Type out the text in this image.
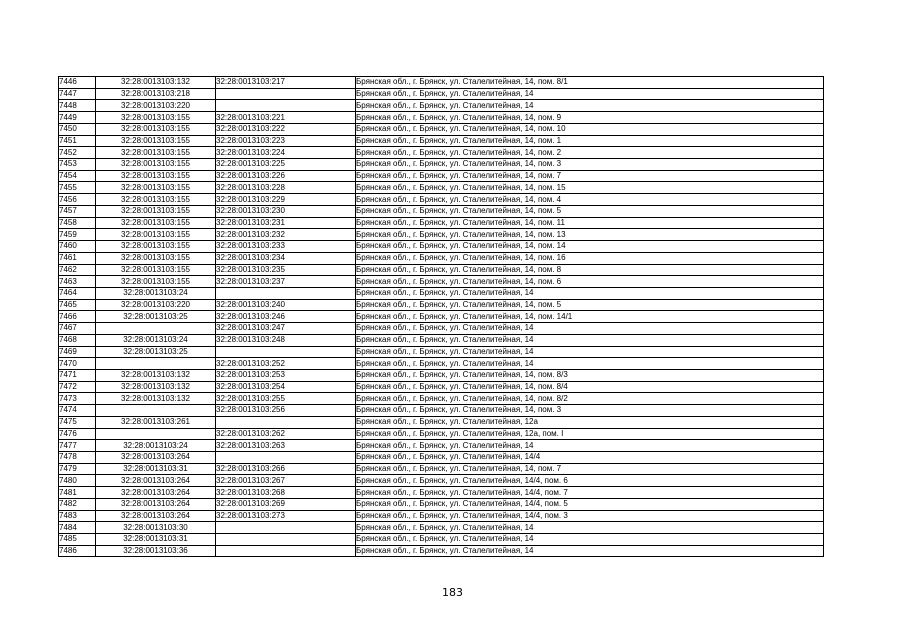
7446	32:28:0013103:132	32:28:0013103:217	Брянская обл., г. Брянск, ул. Сталелитейная, 14, пом. 8/1
7447	32:28:0013103:218		Брянская обл., г. Брянск, ул. Сталелитейная, 14
7448	32:28:0013103:220		Брянская обл., г. Брянск, ул. Сталелитейная, 14
7449	32:28:0013103:155	32:28:0013103:221	Брянская обл., г. Брянск, ул. Сталелитейная, 14, пом. 9
7450	32:28:0013103:155	32:28:0013103:222	Брянская обл., г. Брянск, ул. Сталелитейная, 14, пом. 10
7451	32:28:0013103:155	32:28:0013103:223	Брянская обл., г. Брянск, ул. Сталелитейная, 14, пом. 1
7452	32:28:0013103:155	32:28:0013103:224	Брянская обл., г. Брянск, ул. Сталелитейная, 14, пом. 2
7453	32:28:0013103:155	32:28:0013103:225	Брянская обл., г. Брянск, ул. Сталелитейная, 14, пом. 3
7454	32:28:0013103:155	32:28:0013103:226	Брянская обл., г. Брянск, ул. Сталелитейная, 14, пом. 7
7455	32:28:0013103:155	32:28:0013103:228	Брянская обл., г. Брянск, ул. Сталелитейная, 14, пом. 15
7456	32:28:0013103:155	32:28:0013103:229	Брянская обл., г. Брянск, ул. Сталелитейная, 14, пом. 4
7457	32:28:0013103:155	32:28:0013103:230	Брянская обл., г. Брянск, ул. Сталелитейная, 14, пом. 5
7458	32:28:0013103:155	32:28:0013103:231	Брянская обл., г. Брянск, ул. Сталелитейная, 14, пом. 11
7459	32:28:0013103:155	32:28:0013103:232	Брянская обл., г. Брянск, ул. Сталелитейная, 14, пом. 13
7460	32:28:0013103:155	32:28:0013103:233	Брянская обл., г. Брянск, ул. Сталелитейная, 14, пом. 14
7461	32:28:0013103:155	32:28:0013103:234	Брянская обл., г. Брянск, ул. Сталелитейная, 14, пом. 16
7462	32:28:0013103:155	32:28:0013103:235	Брянская обл., г. Брянск, ул. Сталелитейная, 14, пом. 8
7463	32:28:0013103:155	32:28:0013103:237	Брянская обл., г. Брянск, ул. Сталелитейная, 14, пом. 6
7464	32:28:0013103:24		Брянская обл., г. Брянск, ул. Сталелитейная, 14
7465	32:28:0013103:220	32:28:0013103:240	Брянская обл., г. Брянск, ул. Сталелитейная, 14, пом. 5
7466	32:28:0013103:25	32:28:0013103:246	Брянская обл., г. Брянск, ул. Сталелитейная, 14, пом. 14/1
7467		32:28:0013103:247	Брянская обл., г. Брянск, ул. Сталелитейная, 14
7468	32:28:0013103:24	32:28:0013103:248	Брянская обл., г. Брянск, ул. Сталелитейная, 14
7469	32:28:0013103:25		Брянская обл., г. Брянск, ул. Сталелитейная, 14
7470		32:28:0013103:252	Брянская обл., г. Брянск, ул. Сталелитейная, 14
7471	32:28:0013103:132	32:28:0013103:253	Брянская обл., г. Брянск, ул. Сталелитейная, 14, пом. 8/3
7472	32:28:0013103:132	32:28:0013103:254	Брянская обл., г. Брянск, ул. Сталелитейная, 14, пом. 8/4
7473	32:28:0013103:132	32:28:0013103:255	Брянская обл., г. Брянск, ул. Сталелитейная, 14, пом. 8/2
7474		32:28:0013103:256	Брянская обл., г. Брянск, ул. Сталелитейная, 14, пом. 3
7475	32:28:0013103:261		Брянская обл., г. Брянск, ул. Сталелитейная, 12а
7476		32:28:0013103:262	Брянская обл., г. Брянск, ул. Сталелитейная, 12а, пом. I
7477	32:28:0013103:24	32:28:0013103:263	Брянская обл., г. Брянск, ул. Сталелитейная, 14
7478	32:28:0013103:264		Брянская обл., г. Брянск, ул. Сталелитейная, 14/4
7479	32:28:0013103:31	32:28:0013103:266	Брянская обл., г. Брянск, ул. Сталелитейная, 14, пом. 7
7480	32:28:0013103:264	32:28:0013103:267	Брянская обл., г. Брянск, ул. Сталелитейная, 14/4, пом. 6
7481	32:28:0013103:264	32:28:0013103:268	Брянская обл., г. Брянск, ул. Сталелитейная, 14/4, пом. 7
7482	32:28:0013103:264	32:28:0013103:269	Брянская обл., г. Брянск, ул. Сталелитейная, 14/4, пом. 5
7483	32:28:0013103:264	32:28:0013103:273	Брянская обл., г. Брянск, ул. Сталелитейная, 14/4, пом. 3
7484	32:28:0013103:30		Брянская обл., г. Брянск, ул. Сталелитейная, 14
7485	32:28:0013103:31		Брянская обл., г. Брянск, ул. Сталелитейная, 14
7486	32:28:0013103:36		Брянская обл., г. Брянск, ул. Сталелитейная, 14
183
